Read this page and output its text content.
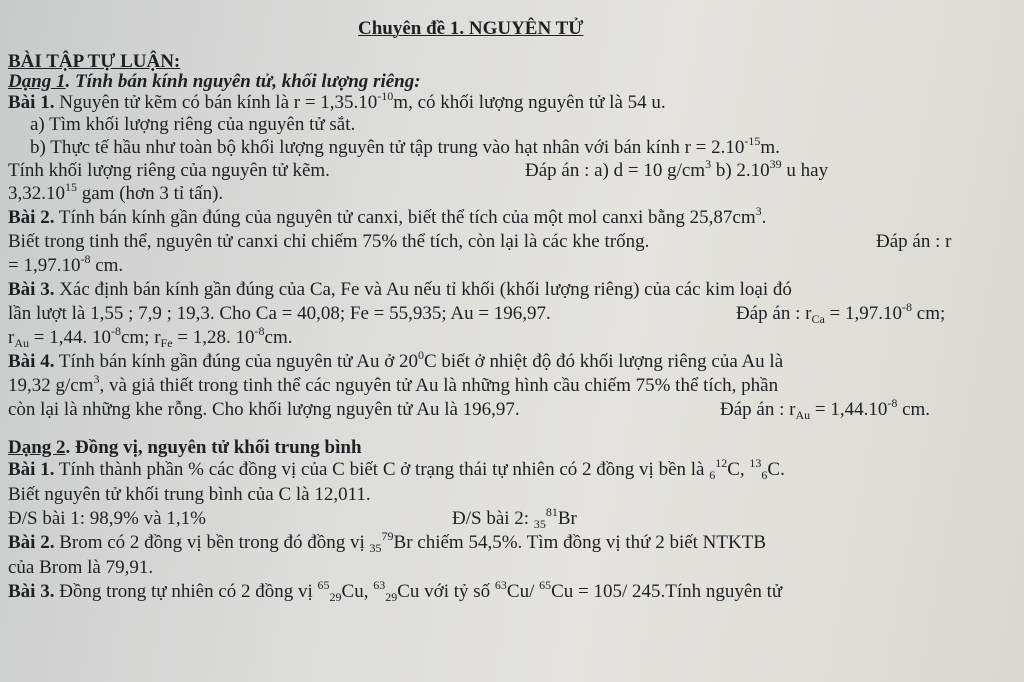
Chuyên đề 1. NGUYÊN TỬ
BÀI TẬP TỰ LUẬN:
Dạng 1. Tính bán kính nguyên tử, khối lượng riêng:
Bài 1. Nguyên tử kẽm có bán kính là $r = 1,35.10^{-10}m$, có khối lượng nguyên tử là 54 u.
a) Tìm khối lượng riêng của nguyên tử sắt.
b) Thực tế hầu như toàn bộ khối lượng nguyên tử tập trung vào hạt nhân với bán kính $r = 2.10^{-15}m$.
Tính khối lượng riêng của nguyên tử kẽm.	Đáp án : a) d = 10 $g/cm^3$ b) 2.10$^{39}$ u hay
3,32.10$^{15}$ gam (hơn 3 tỉ tấn).
Bài 2. Tính bán kính gần đúng của nguyên tử canxi, biết thể tích của một mol canxi bằng $25,87cm^3$.
Biết trong tinh thể, nguyên tử canxi chỉ chiếm 75% thể tích, còn lại là các khe trống.	Đáp án : r
= $1,97.10^{-8}$ cm.
Bài 3. Xác định bán kính gần đúng của Ca, Fe và Au nếu tỉ khối (khối lượng riêng) của các kim loại đó
lần lượt là 1,55 ; 7,9 ; 19,3. Cho Ca = 40,08; Fe = 55,935; Au = 196,97.	Đáp án : $r_{Ca} = 1,97.10^{-8}$ cm;
$r_{Au} = 1,44$. $10^{-8}cm$; $r_{Fe} = 1,28$. $10^{-8}cm$.
Bài 4. Tính bán kính gần đúng của nguyên tử Au ở $20^0C$ biết ở nhiệt độ đó khối lượng riêng của Au là
19,32 $g/cm^3$, và giả thiết trong tinh thể các nguyên tử Au là những hình cầu chiếm 75% thể tích, phần
còn lại là những khe rỗng. Cho khối lượng nguyên tử Au là 196,97.	Đáp án : $r_{Au} = 1,44.10^{-8}$ cm.
Dạng 2. Đồng vị, nguyên tử khối trung bình
Bài 1. Tính thành phần % các đồng vị của C biết C ở trạng thái tự nhiên có 2 đồng vị bền là $_6^{12}$C, $^{13}_6$C.
Biết nguyên tử khối trung bình của C là 12,011.
Đ/S bài 1: 98,9% và 1,1%	Đ/S bài 2: $_{35}^{81}$Br
Bài 2. Brom có 2 đồng vị bền trong đó đồng vị $_{35}^{79}$Br chiếm 54,5%. Tìm đồng vị thứ 2 biết NTKTB
của Brom là 79,91.
Bài 3. Đồng trong tự nhiên có 2 đồng vị $^{65}_{29}$Cu, $^{63}_{29}$Cu với tỷ số $^{63}$Cu/ $^{65}$Cu = 105/ 245.Tính nguyên tử
